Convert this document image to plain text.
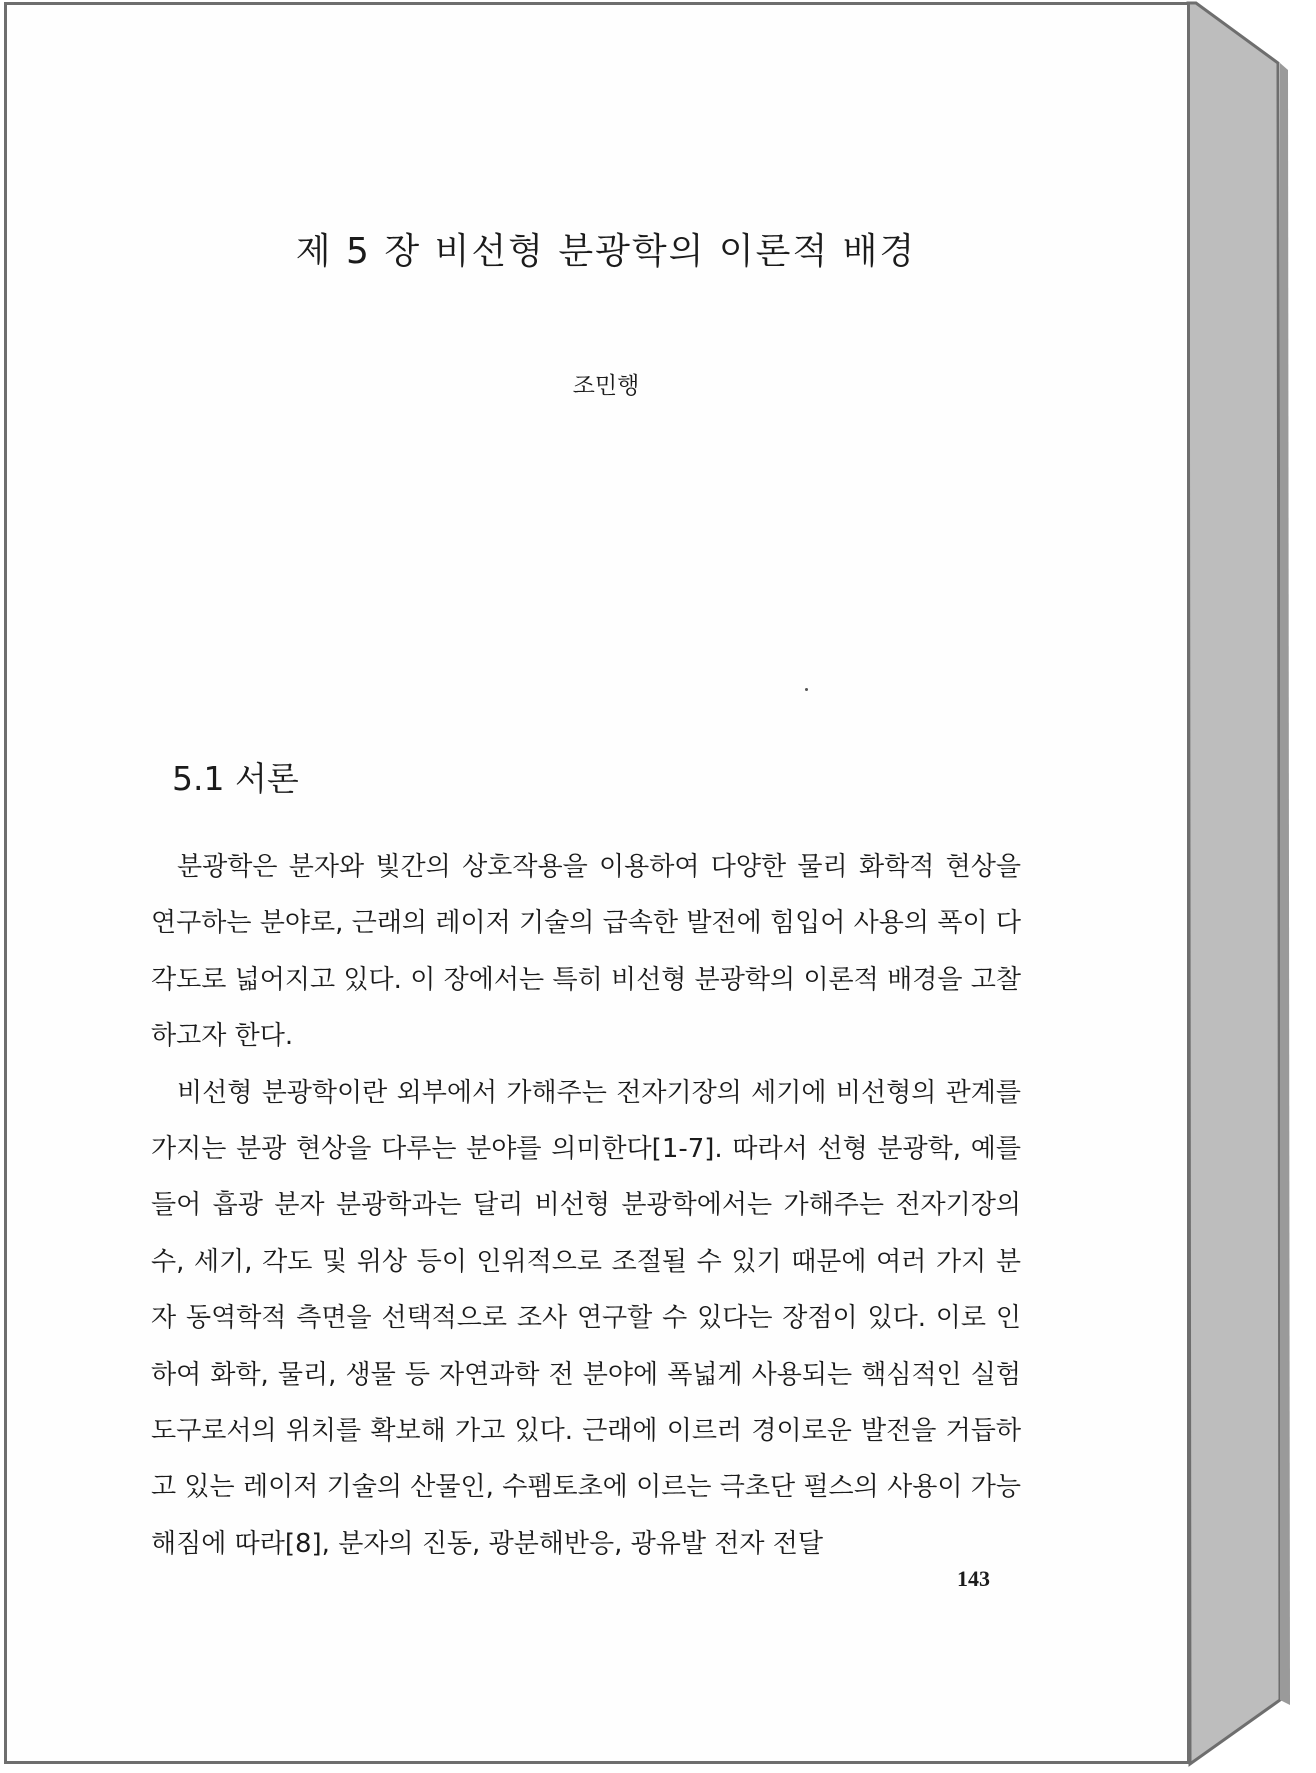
제 5 장 비선형 분광학의 이론적 배경
조민행
5.1 서론

분광학은 분자와 빛간의 상호작용을 이용하여 다양한 물리 화학적 현상을 연구하는 분야로, 근래의 레이저 기술의 급속한 발전에 힘입어 사용의 폭이 다각도로 넓어지고 있다. 이 장에서는 특히 비선형 분광학의 이론적 배경을 고찰하고자 한다.

비선형 분광학이란 외부에서 가해주는 전자기장의 세기에 비선형의 관계를 가지는 분광 현상을 다루는 분야를 의미한다[1-7]. 따라서 선형 분광학, 예를 들어 흡광 분자 분광학과는 달리 비선형 분광학에서는 가해주는 전자기장의 수, 세기, 각도 및 위상 등이 인위적으로 조절될 수 있기 때문에 여러 가지 분자 동역학적 측면을 선택적으로 조사 연구할 수 있다는 장점이 있다. 이로 인하여 화학, 물리, 생물 등 자연과학 전 분야에 폭넓게 사용되는 핵심적인 실험 도구로서의 위치를 확보해 가고 있다. 근래에 이르러 경이로운 발전을 거듭하고 있는 레이저 기술의 산물인, 수펨토초에 이르는 극초단 펄스의 사용이 가능해짐에 따라[8], 분자의 진동, 광분해반응, 광유발 전자 전달

143
